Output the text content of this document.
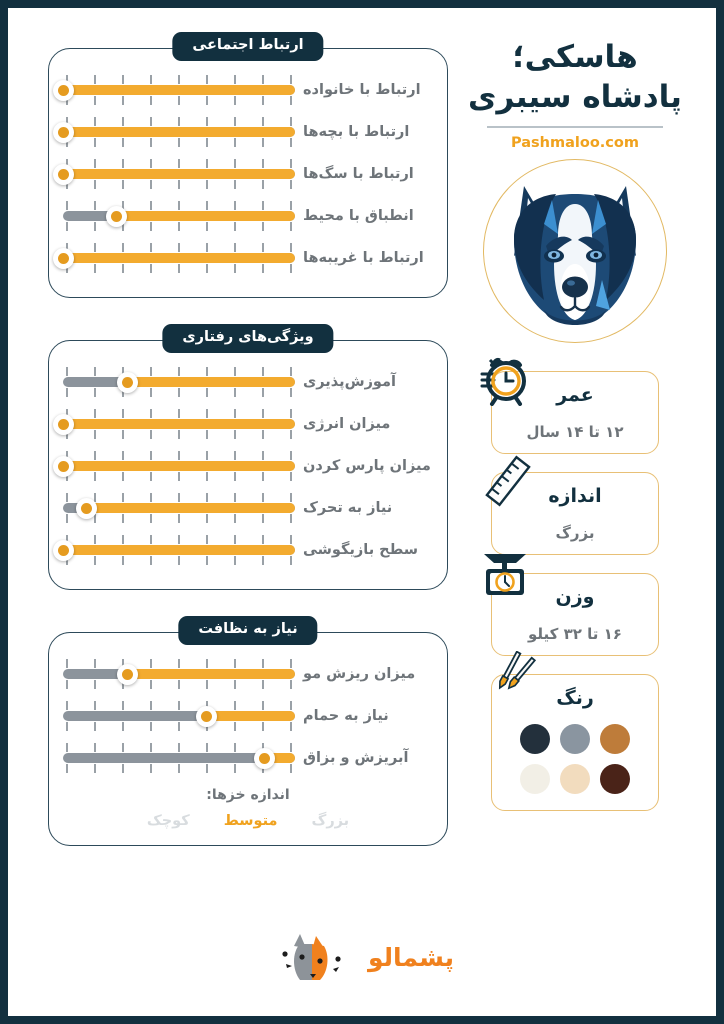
ارتباط اجتماعی
ارتباط با خانواده
ارتباط با بچه‌ها
ارتباط با سگ‌ها
انطباق با محیط
ارتباط با غریبه‌ها
ویژگی‌های رفتاری
آموزش‌پذیری
میزان انرژی
میزان پارس کردن
نیاز به تحرک
سطح بازیگوشی
نیاز به نظافت
میزان ریزش مو
نیاز به حمام
آبریزش و بزاق
اندازه خزها:
بزرگ
متوسط
کوچک
هاسکی؛
پادشاه سیبری
Pashmaloo.com
عمر
۱۲ تا ۱۴ سال
اندازه
بزرگ
وزن
۱۶ تا ۳۲ کیلو
رنگ
پشمالو
